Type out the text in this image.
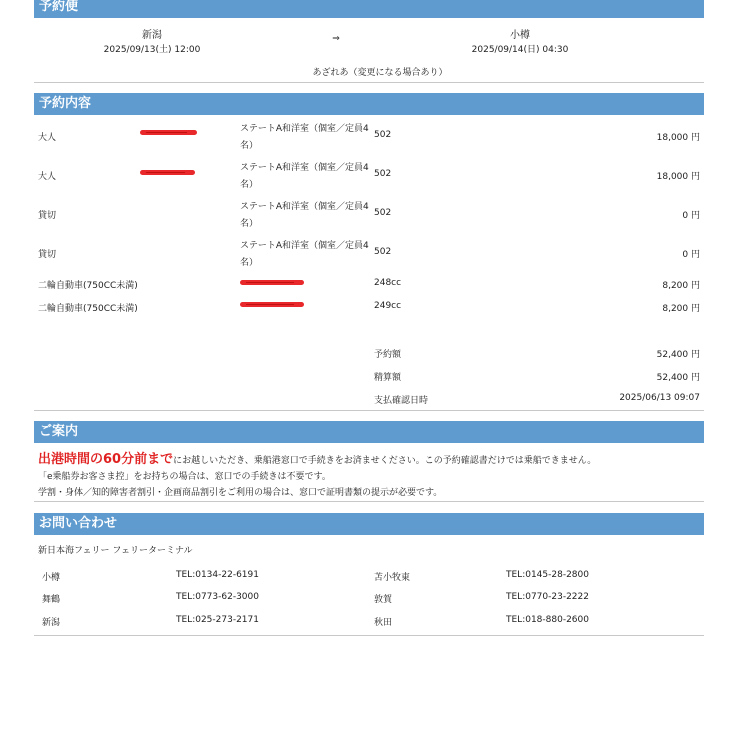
予約便
新潟
2025/09/13(土) 12:00
⇒	小樽
2025/09/14(日) 04:30
あざれあ（変更になる場合あり）
予約内容
大人
ステートA和洋室（個室／定員4名）
502	18,000 円
大人
ステートA和洋室（個室／定員4名）
502	18,000 円
貸切
ステートA和洋室（個室／定員4名）
502	0 円
貸切
ステートA和洋室（個室／定員4名）
502	0 円
二輪自動車(750CC未満)	248cc	8,200 円
二輪自動車(750CC未満)	249cc	8,200 円
予約額	52,400 円
精算額	52,400 円
支払確認日時	2025/06/13 09:07
ご案内
出港時間の60分前までにお越しいただき、乗船港窓口で手続きをお済ませください。この予約確認書だけでは乗船できません。
「e乗船券お客さま控」をお持ちの場合は、窓口での手続きは不要です。
学割・身体／知的障害者割引・企画商品割引をご利用の場合は、窓口で証明書類の提示が必要です。
お問い合わせ
新日本海フェリー フェリーターミナル
小樽	TEL:0134-22-6191	苫小牧東	TEL:0145-28-2800
舞鶴	TEL:0773-62-3000	敦賀	TEL:0770-23-2222
新潟	TEL:025-273-2171	秋田	TEL:018-880-2600
